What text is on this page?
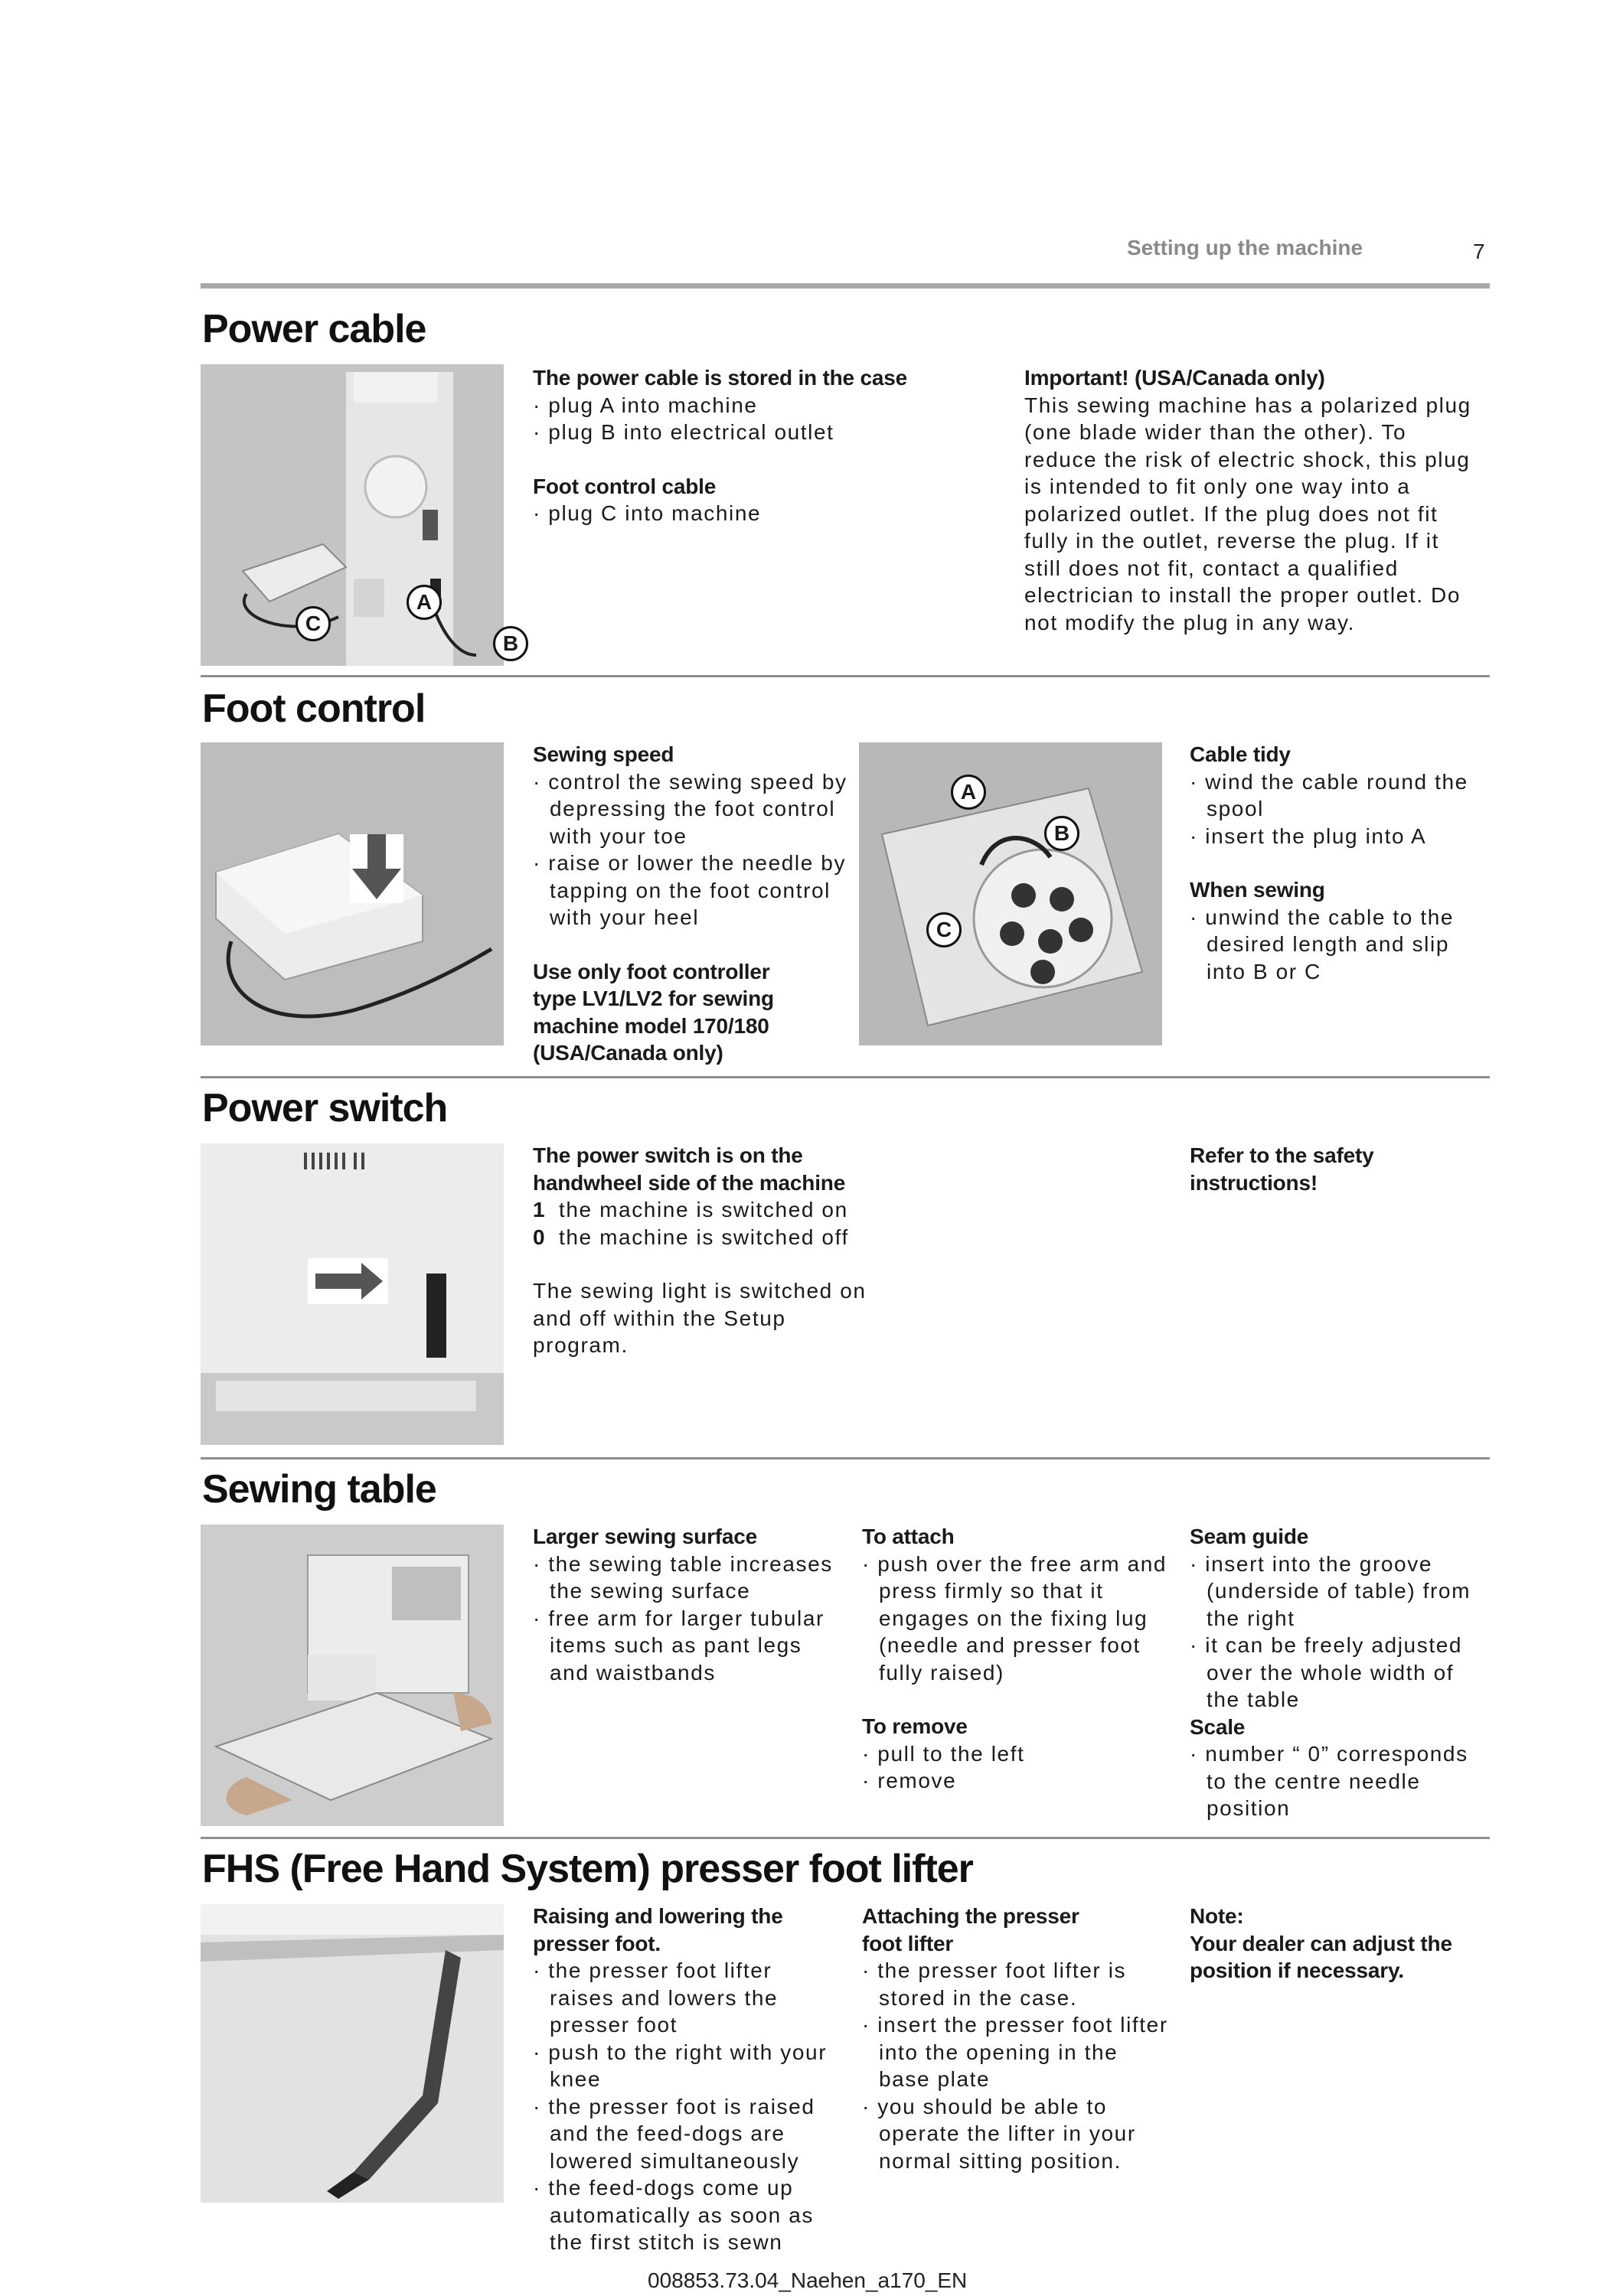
Setting up the machine	7
Power cable
C
A
B

The power cable is stored in the case

· plug A into machine

· plug B into electrical outlet

Foot control cable

· plug C into machine

Important! (USA/Canada only)

This sewing machine has a polarized plug

(one blade wider than the other). To

reduce the risk of electric shock, this plug

is intended to fit only one way into a

polarized outlet. If the plug does not fit

fully in the outlet, reverse the plug. If it

still does not fit, contact a qualified

electrician to install the proper outlet. Do

not modify the plug in any way.

Foot control

Sewing speed

· control the sewing speed by depressing the foot control with your toe

· raise or lower the needle by tapping on the foot control with your heel

Use only foot controller

type LV1/LV2 for sewing

machine model 170/180

(USA/Canada only)

A
B
C

Cable tidy

· wind the cable round the spool

· insert the plug into A

When sewing

· unwind the cable to the desired length and slip into B or C

Power switch

The power switch is on the

handwheel side of the machine

1 the machine is switched on

0 the machine is switched off

The sewing light is switched on

and off within the Setup

program.

Refer to the safety

instructions!

Sewing table

Larger sewing surface

· the sewing table increases the sewing surface

· free arm for larger tubular items such as pant legs and waistbands

To attach

· push over the free arm and press firmly so that it engages on the fixing lug (needle and presser foot fully raised)

To remove

· pull to the left

· remove

Seam guide

· insert into the groove (underside of table) from the right

· it can be freely adjusted over the whole width of the table

Scale

· number “ 0” corresponds to the centre needle position

FHS (Free Hand System) presser foot lifter

Raising and lowering the

presser foot.

· the presser foot lifter raises and lowers the presser foot

· push to the right with your knee

· the presser foot is raised and the feed-dogs are lowered simultaneously

· the feed-dogs come up automatically as soon as the first stitch is sewn

Attaching the presser

foot lifter

· the presser foot lifter is stored in the case.

· insert the presser foot lifter into the opening in the base plate

· you should be able to operate the lifter in your normal sitting position.

Note:

Your dealer can adjust the

position if necessary.

008853.73.04_Naehen_a170_EN
